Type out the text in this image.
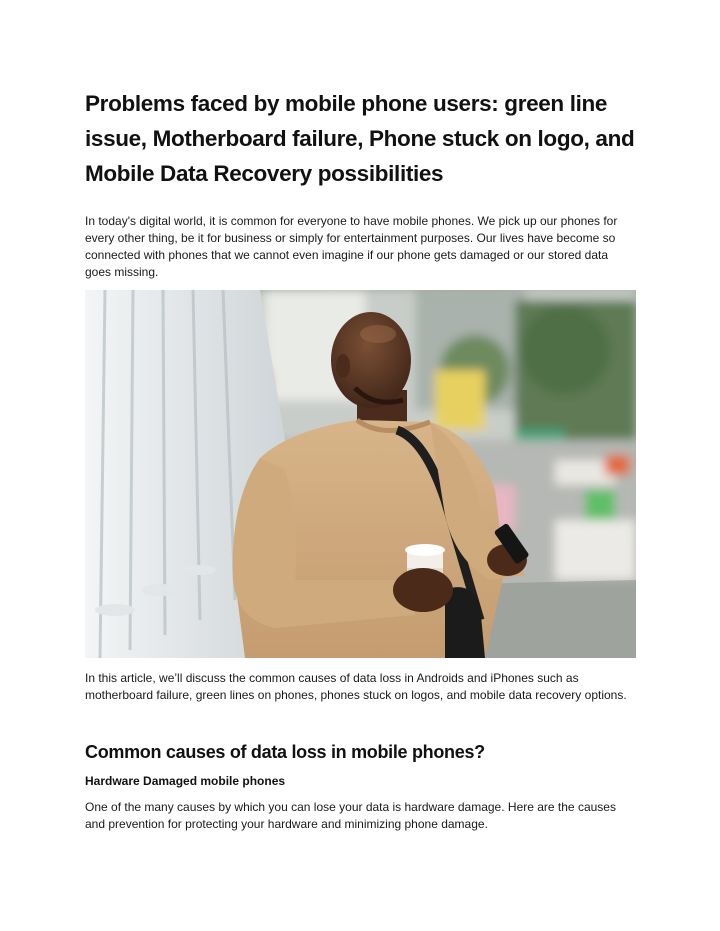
Problems faced by mobile phone users: green line issue, Motherboard failure, Phone stuck on logo, and Mobile Data Recovery possibilities

In today's digital world, it is common for everyone to have mobile phones. We pick up our phones for every other thing, be it for business or simply for entertainment purposes. Our lives have become so connected with phones that we cannot even imagine if our phone gets damaged or our stored data goes missing.

In this article, we’ll discuss the common causes of data loss in Androids and iPhones such as motherboard failure, green lines on phones, phones stuck on logos, and mobile data recovery options.

Common causes of data loss in mobile phones?
Hardware Damaged mobile phones

One of the many causes by which you can lose your data is hardware damage. Here are the causes and prevention for protecting your hardware and minimizing phone damage.
